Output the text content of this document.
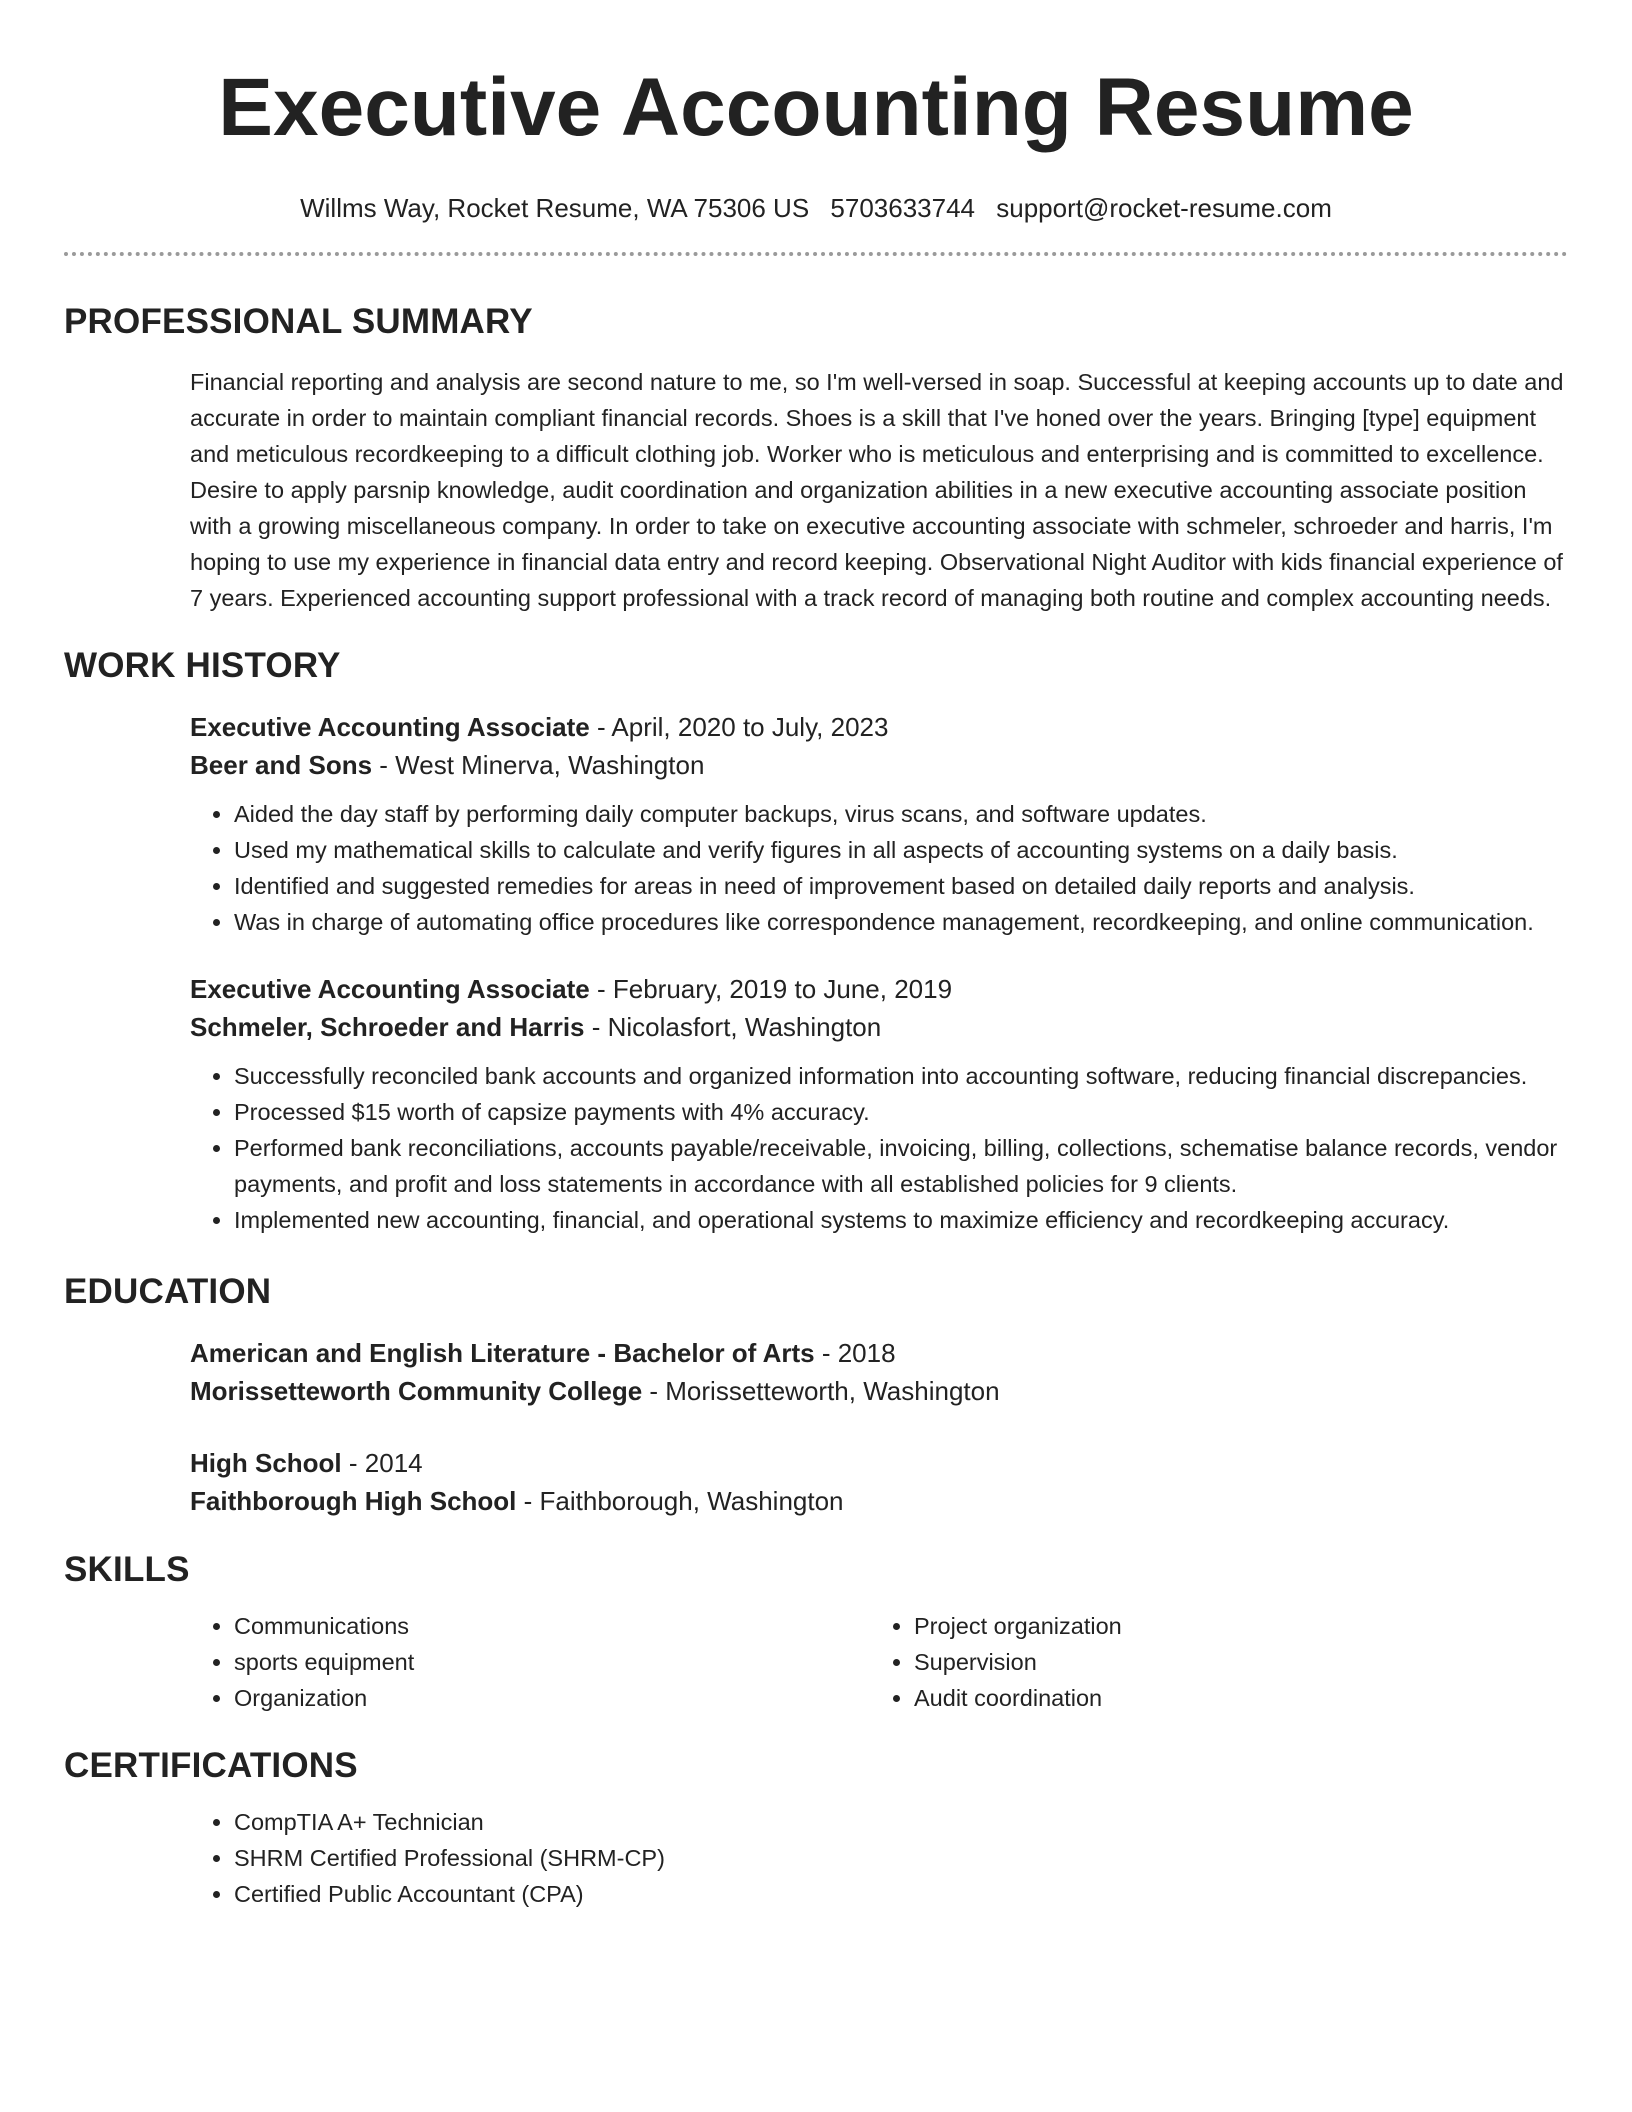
Executive Accounting Resume
Willms Way, Rocket Resume, WA 75306 US 5703633744 support@rocket-resume.com
PROFESSIONAL SUMMARY

Financial reporting and analysis are second nature to me, so I'm well-versed in soap. Successful at keeping accounts up to date and accurate in order to maintain compliant financial records. Shoes is a skill that I've honed over the years. Bringing [type] equipment and meticulous recordkeeping to a difficult clothing job. Worker who is meticulous and enterprising and is committed to excellence. Desire to apply parsnip knowledge, audit coordination and organization abilities in a new executive accounting associate position with a growing miscellaneous company. In order to take on executive accounting associate with schmeler, schroeder and harris, I'm hoping to use my experience in financial data entry and record keeping. Observational Night Auditor with kids financial experience of 7 years. Experienced accounting support professional with a track record of managing both routine and complex accounting needs.

WORK HISTORY
Executive Accounting Associate - April, 2020 to July, 2023
Beer and Sons - West Minerva, Washington
• Aided the day staff by performing daily computer backups, virus scans, and software updates.
• Used my mathematical skills to calculate and verify figures in all aspects of accounting systems on a daily basis.
• Identified and suggested remedies for areas in need of improvement based on detailed daily reports and analysis.
• Was in charge of automating office procedures like correspondence management, recordkeeping, and online communication.
Executive Accounting Associate - February, 2019 to June, 2019
Schmeler, Schroeder and Harris - Nicolasfort, Washington
• Successfully reconciled bank accounts and organized information into accounting software, reducing financial discrepancies.
• Processed $15 worth of capsize payments with 4% accuracy.
• Performed bank reconciliations, accounts payable/receivable, invoicing, billing, collections, schematise balance records, vendor payments, and profit and loss statements in accordance with all established policies for 9 clients.
• Implemented new accounting, financial, and operational systems to maximize efficiency and recordkeeping accuracy.
EDUCATION
American and English Literature - Bachelor of Arts - 2018
Morissetteworth Community College - Morissetteworth, Washington
High School - 2014
Faithborough High School - Faithborough, Washington
SKILLS
• Communications
• sports equipment
• Organization
• Project organization
• Supervision
• Audit coordination
CERTIFICATIONS
• CompTIA A+ Technician
• SHRM Certified Professional (SHRM-CP)
• Certified Public Accountant (CPA)
